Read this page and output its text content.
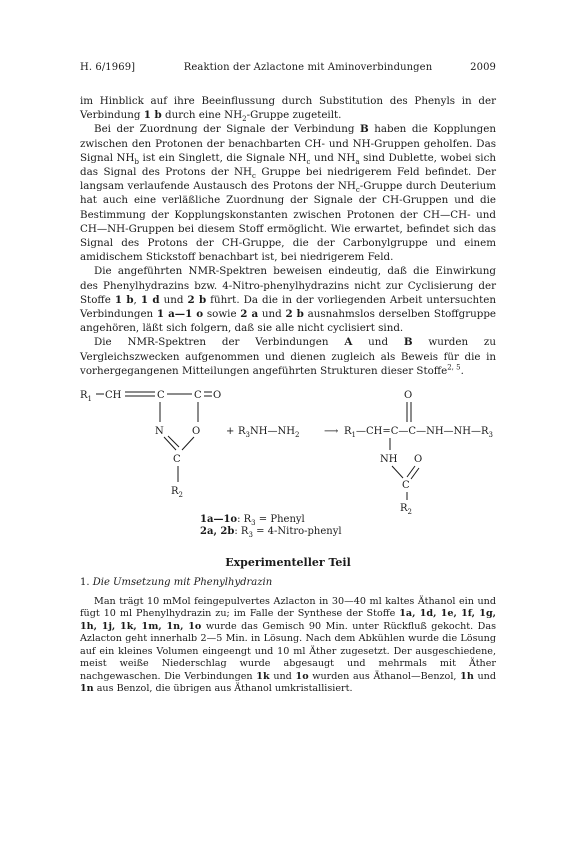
H. 6/1969]	Reaktion der Azlactone mit Aminoverbindungen	2009

im Hinblick auf ihre Beeinflussung durch Substitution des Phenyls in der Verbindung 1 b durch eine $NH_2$-Gruppe zugeteilt.

Bei der Zuordnung der Signale der Verbindung B haben die Kopplungen zwischen den Protonen der benachbarten CH- und NH-Gruppen geholfen. Das Signal $NH_b$ ist ein Singlett, die Signale $NH_c$ und $NH_a$ sind Dublette, wobei sich das Signal des Protons der $NH_c$ Gruppe bei niedrigerem Feld befindet. Der langsam verlaufende Austausch des Protons der $NH_c$-Gruppe durch Deuterium hat auch eine verläßliche Zuordnung der Signale der CH-Gruppen und die Bestimmung der Kopplungskonstanten zwischen Protonen der CH—CH- und CH—NH-Gruppen bei diesem Stoff ermöglicht. Wie erwartet, befindet sich das Signal des Protons der CH-Gruppe, die der Carbonylgruppe und einem amidischem Stickstoff benachbart ist, bei niedrigerem Feld.

Die angeführten NMR-Spektren beweisen eindeutig, daß die Einwirkung des Phenylhydrazins bzw. 4-Nitro-phenylhydrazins nicht zur Cyclisierung der Stoffe 1 b, 1 d und 2 b führt. Da die in der vorliegenden Arbeit untersuchten Verbindungen 1 a—1 o sowie 2 a und 2 b ausnahmslos derselben Stoffgruppe angehören, läßt sich folgern, daß sie alle nicht cyclisiert sind.

Die NMR-Spektren der Verbindungen A und B wurden zu Vergleichszwecken aufgenommen und dienen zugleich als Beweis für die in vorhergegangenen Mitteilungen angeführten Strukturen dieser Stoffe$^{2, 5}$.

$R_1$ CH	C	C O
N	O
C
$R_2$
+ $R_3NH—NH_2$ ⟶ $R_1—CH=C—C—NH—NH—R_3$
O
NH O
C
$R_2$
1a—1o: $R_3$ = Phenyl
2a, 2b: $R_3$ = 4-Nitro-phenyl
Experimenteller Teil
1. Die Umsetzung mit Phenylhydrazin

Man trägt 10 mMol feingepulvertes Azlacton in 30—40 ml kaltes Äthanol ein und fügt 10 ml Phenylhydrazin zu; im Falle der Synthese der Stoffe 1a, 1d, 1e, 1f, 1g, 1h, 1j, 1k, 1m, 1n, 1o wurde das Gemisch 90 Min. unter Rückfluß gekocht. Das Azlacton geht innerhalb 2—5 Min. in Lösung. Nach dem Abkühlen wurde die Lösung auf ein kleines Volumen eingeengt und 10 ml Äther zugesetzt. Der ausgeschiedene, meist weiße Niederschlag wurde abgesaugt und mehrmals mit Äther nachgewaschen. Die Verbindungen 1k und 1o wurden aus Äthanol—Benzol, 1h und 1n aus Benzol, die übrigen aus Äthanol umkristallisiert.
